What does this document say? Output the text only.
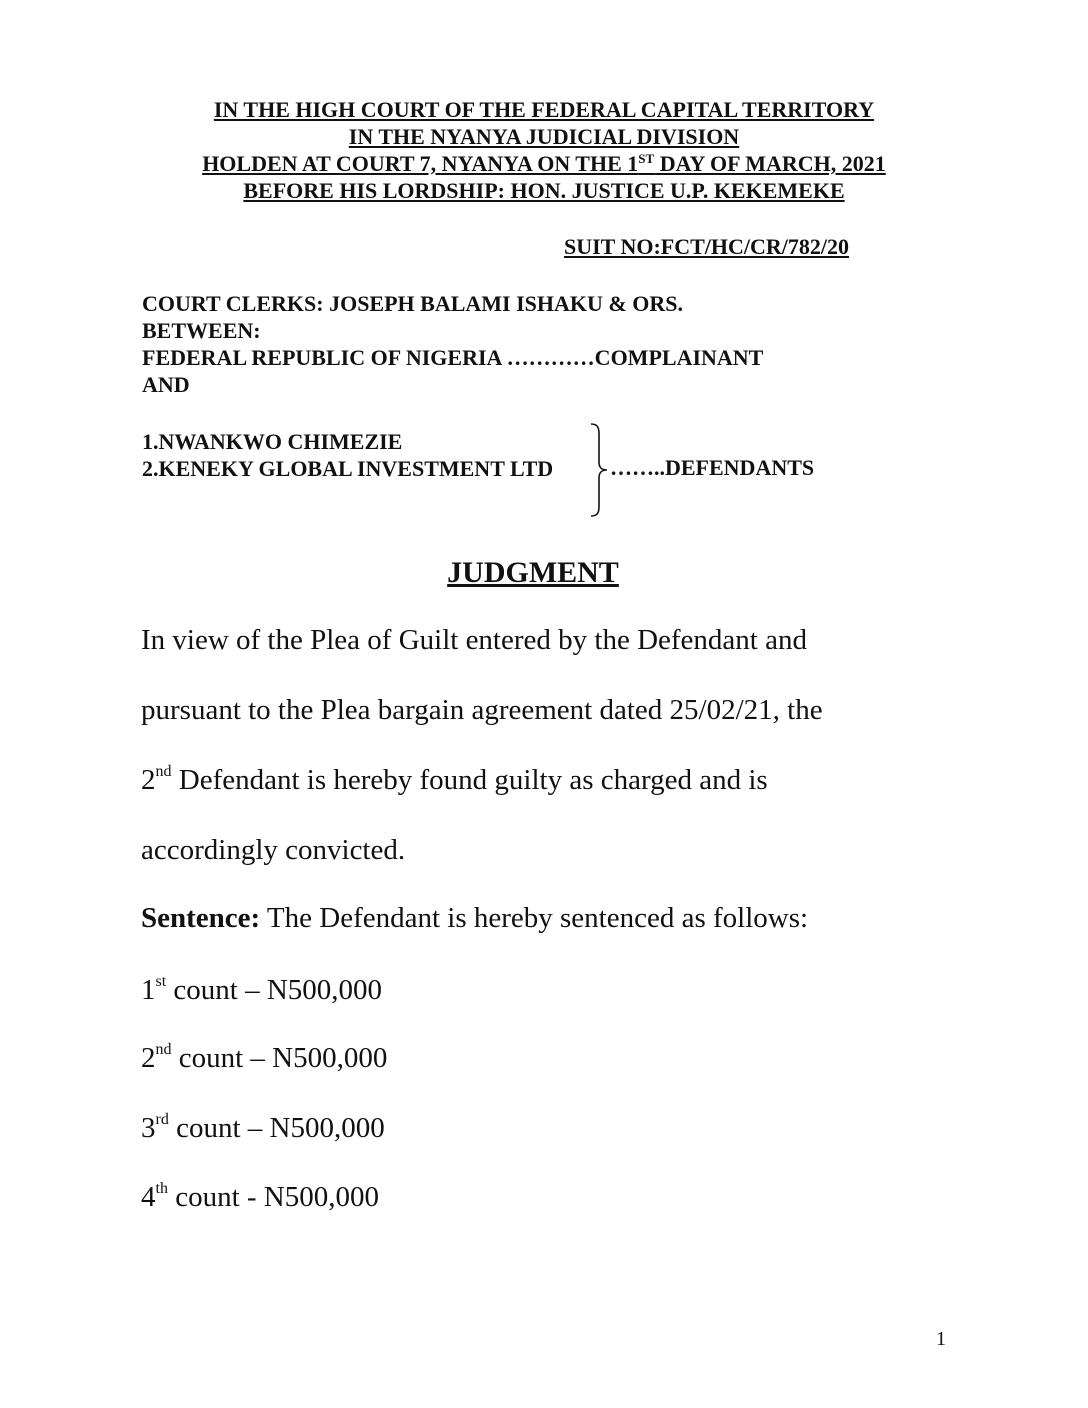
IN THE HIGH COURT OF THE FEDERAL CAPITAL TERRITORY
IN THE NYANYA JUDICIAL DIVISION
HOLDEN AT COURT 7, NYANYA ON THE 1ST DAY OF MARCH, 2021
BEFORE HIS LORDSHIP: HON. JUSTICE U.P. KEKEMEKE
SUIT NO:FCT/HC/CR/782/20
COURT CLERKS: JOSEPH BALAMI ISHAKU & ORS.
BETWEEN:
FEDERAL REPUBLIC OF NIGERIA …………COMPLAINANT
AND
1.NWANKWO CHIMEZIE
2.KENEKY GLOBAL INVESTMENT LTD	……..DEFENDANTS
JUDGMENT
In view of the Plea of Guilt entered by the Defendant and
pursuant to the Plea bargain agreement dated 25/02/21, the
2nd Defendant is hereby found guilty as charged and is
accordingly convicted.
Sentence: The Defendant is hereby sentenced as follows:
1st count – N500,000
2nd count – N500,000
3rd count – N500,000
4th count - N500,000
1
